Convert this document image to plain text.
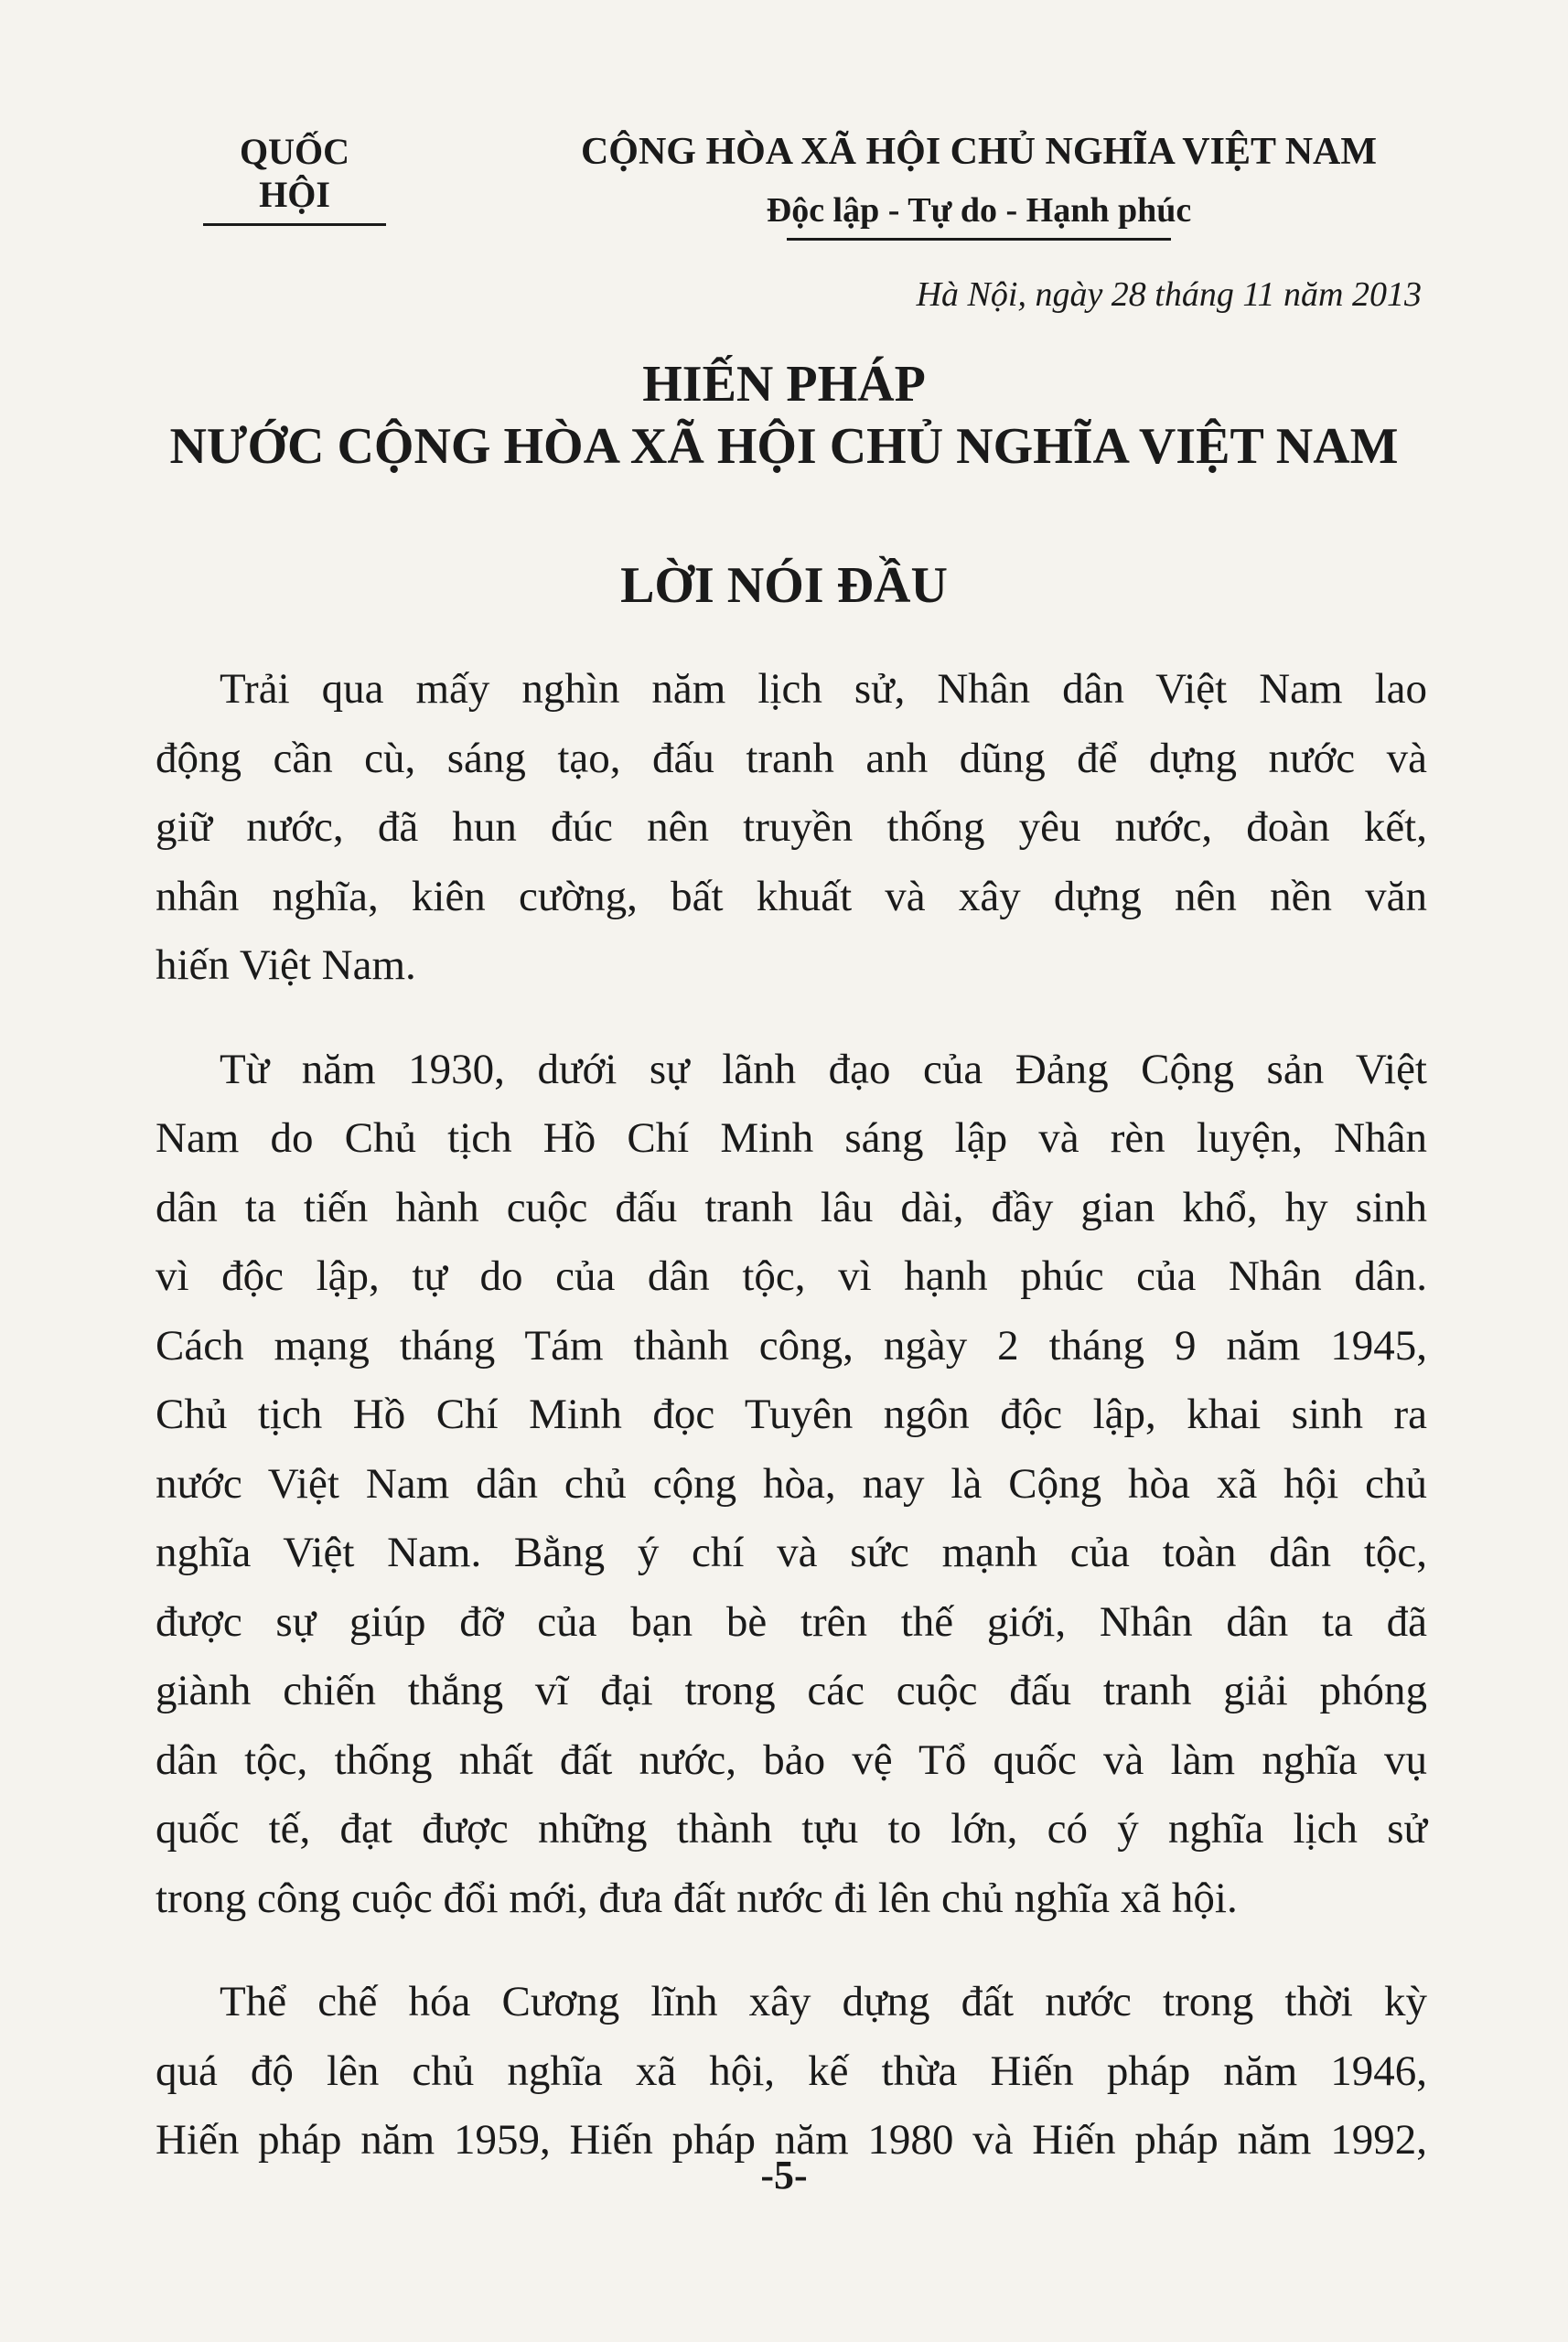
QUỐC HỘI
CỘNG HÒA XÃ HỘI CHỦ NGHĨA VIỆT NAM
Độc lập - Tự do - Hạnh phúc
Hà Nội, ngày 28 tháng 11 năm 2013
HIẾN PHÁP
NƯỚC CỘNG HÒA XÃ HỘI CHỦ NGHĨA VIỆT NAM
LỜI NÓI ĐẦU
Trải qua mấy nghìn năm lịch sử, Nhân dân Việt Nam lao
động cần cù, sáng tạo, đấu tranh anh dũng để dựng nước và
giữ nước, đã hun đúc nên truyền thống yêu nước, đoàn kết,
nhân nghĩa, kiên cường, bất khuất và xây dựng nên nền văn
hiến Việt Nam.
Từ năm 1930, dưới sự lãnh đạo của Đảng Cộng sản Việt
Nam do Chủ tịch Hồ Chí Minh sáng lập và rèn luyện, Nhân
dân ta tiến hành cuộc đấu tranh lâu dài, đầy gian khổ, hy sinh
vì độc lập, tự do của dân tộc, vì hạnh phúc của Nhân dân.
Cách mạng tháng Tám thành công, ngày 2 tháng 9 năm 1945,
Chủ tịch Hồ Chí Minh đọc Tuyên ngôn độc lập, khai sinh ra
nước Việt Nam dân chủ cộng hòa, nay là Cộng hòa xã hội chủ
nghĩa Việt Nam. Bằng ý chí và sức mạnh của toàn dân tộc,
được sự giúp đỡ của bạn bè trên thế giới, Nhân dân ta đã
giành chiến thắng vĩ đại trong các cuộc đấu tranh giải phóng
dân tộc, thống nhất đất nước, bảo vệ Tổ quốc và làm nghĩa vụ
quốc tế, đạt được những thành tựu to lớn, có ý nghĩa lịch sử
trong công cuộc đổi mới, đưa đất nước đi lên chủ nghĩa xã hội.
Thể chế hóa Cương lĩnh xây dựng đất nước trong thời kỳ
quá độ lên chủ nghĩa xã hội, kế thừa Hiến pháp năm 1946,
Hiến pháp năm 1959, Hiến pháp năm 1980 và Hiến pháp năm 1992,
-5-
